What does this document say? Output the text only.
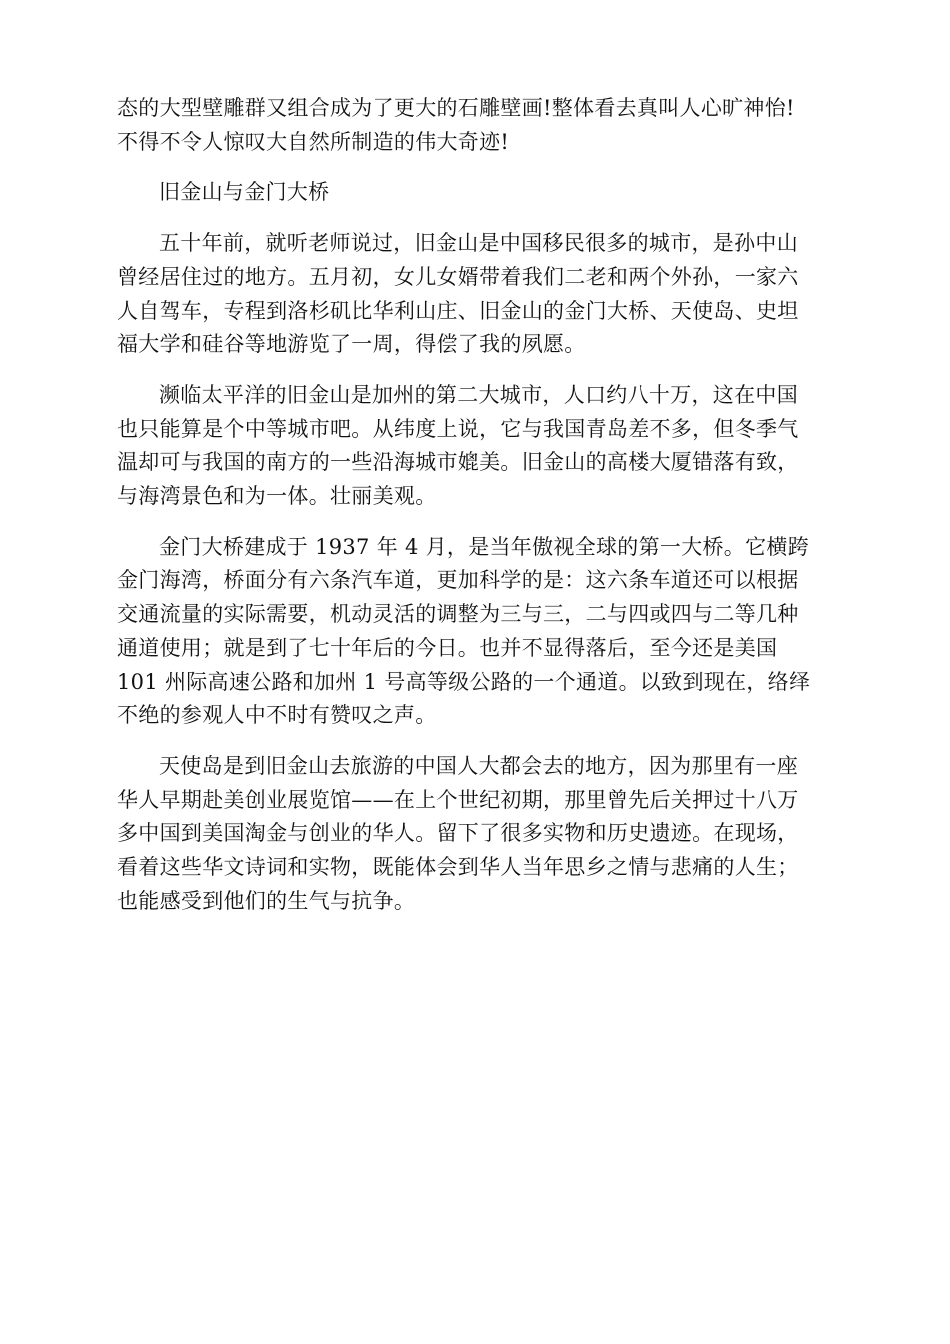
态的大型壁雕群又组合成为了更大的石雕壁画!整体看去真叫人心旷神怡!
不得不令人惊叹大自然所制造的伟大奇迹!

旧金山与金门大桥

五十年前，就听老师说过，旧金山是中国移民很多的城市，是孙中山
曾经居住过的地方。五月初，女儿女婿带着我们二老和两个外孙，一家六
人自驾车，专程到洛杉矶比华利山庄、旧金山的金门大桥、天使岛、史坦
福大学和硅谷等地游览了一周，得偿了我的夙愿。

濒临太平洋的旧金山是加州的第二大城市，人口约八十万，这在中国
也只能算是个中等城市吧。从纬度上说，它与我国青岛差不多，但冬季气
温却可与我国的南方的一些沿海城市媲美。旧金山的高楼大厦错落有致，
与海湾景色和为一体。壮丽美观。

金门大桥建成于 1937 年 4 月，是当年傲视全球的第一大桥。它横跨
金门海湾，桥面分有六条汽车道，更加科学的是：这六条车道还可以根据
交通流量的实际需要，机动灵活的调整为三与三，二与四或四与二等几种
通道使用；就是到了七十年后的今日。也并不显得落后，至今还是美国
101 州际高速公路和加州 1 号高等级公路的一个通道。以致到现在，络绎
不绝的参观人中不时有赞叹之声。

天使岛是到旧金山去旅游的中国人大都会去的地方，因为那里有一座
华人早期赴美创业展览馆——在上个世纪初期，那里曾先后关押过十八万
多中国到美国淘金与创业的华人。留下了很多实物和历史遗迹。在现场，
看着这些华文诗词和实物，既能体会到华人当年思乡之情与悲痛的人生；
也能感受到他们的生气与抗争。
